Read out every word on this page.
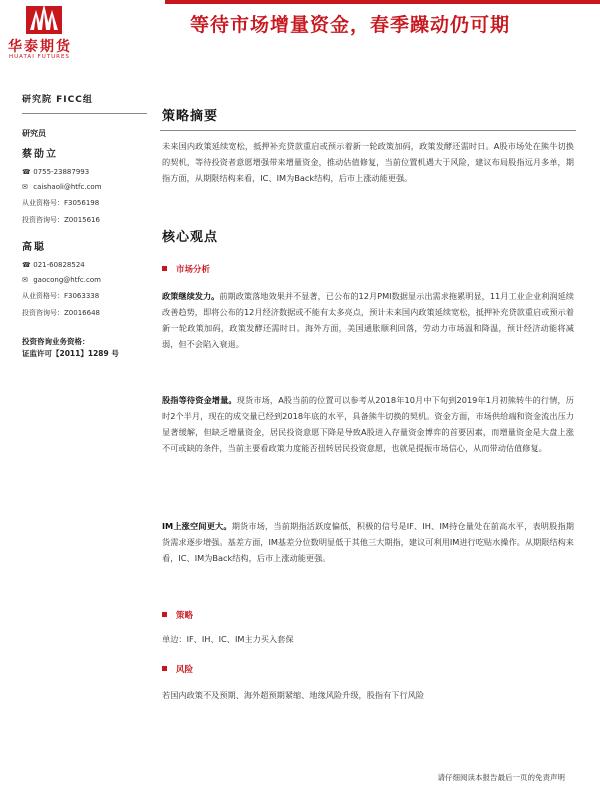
华泰期货
HUATAI FUTURES
等待市场增量资金，春季躁动仍可期
研究院 FICC组
研究员
蔡劭立
☎ 0755-23887993
✉ caishaoli@htfc.com
从业资格号：F3056198
投资咨询号：Z0015616
高聪
☎ 021-60828524
✉ gaocong@htfc.com
从业资格号：F3063338
投资咨询号：Z0016648
投资咨询业务资格：
证监许可【2011】1289 号
策略摘要
未来国内政策延续宽松，抵押补充贷款重启或预示着新一轮政策加码，政策发酵还需时日。A股市场处在熊牛切换的契机，等待投资者意愿增强带来增量资金，推动估值修复，当前位置机遇大于风险，建议布局股指远月多单，期指方面，从期限结构来看，IC、IM为Back结构，后市上涨动能更强。
核心观点
市场分析
政策继续发力。前期政策落地效果并不显著，已公布的12月PMI数据显示出需求拖累明显，11月工业企业利润延续改善趋势，即将公布的12月经济数据或不能有太多亮点，预计未来国内政策延续宽松，抵押补充贷款重启或预示着新一轮政策加码，政策发酵还需时日。海外方面，美国通胀顺利回落，劳动力市场温和降温，预计经济动能将减弱，但不会陷入衰退。
股指等待资金增量。现货市场，A股当前的位置可以参考从2018年10月中下旬到2019年1月初熊转牛的行情，历时2个半月，现在的成交量已经到2018年底的水平，具备熊牛切换的契机。资金方面，市场供给端和资金流出压力显著缓解，但缺乏增量资金，居民投资意愿下降是导致A股进入存量资金博弈的首要因素，而增量资金是大盘上涨不可或缺的条件，当前主要看政策力度能否扭转居民投资意愿，也就是提振市场信心，从而带动估值修复。
IM上涨空间更大。期货市场，当前期指活跃度偏低，积极的信号是IF、IH、IM持仓量处在前高水平，表明股指期货需求逐步增强。基差方面，IM基差分位数明显低于其他三大期指，建议可利用IM进行吃贴水操作。从期限结构来看，IC、IM为Back结构，后市上涨动能更强。
策略
单边：IF、IH、IC、IM主力买入套保
风险
若国内政策不及预期、海外超预期紧缩、地缘风险升级，股指有下行风险
请仔细阅读本报告最后一页的免责声明
